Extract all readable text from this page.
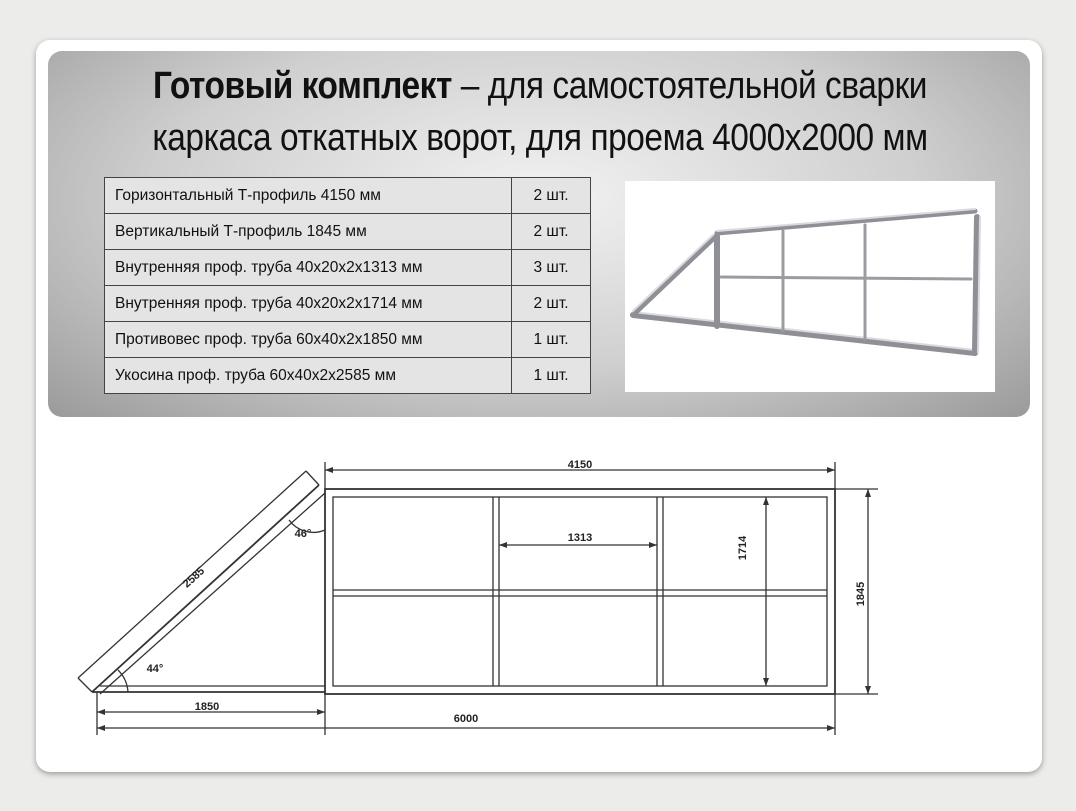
Готовый комплект – для самостоятельной сварки
каркаса откатных ворот, для проема 4000х2000 мм
Горизонтальный Т-профиль 4150 мм	2 шт.
Вертикальный Т-профиль 1845 мм	2 шт.
Внутренняя проф. труба 40х20х2х1313 мм	3 шт.
Внутренняя проф. труба 40х20х2х1714 мм	2 шт.
Противовес проф. труба 60х40х2х1850 мм	1 шт.
Укосина проф. труба 60х40х2х2585 мм	1 шт.
4150
1313	1714
1845
2585
1850
6000
46°
44°
